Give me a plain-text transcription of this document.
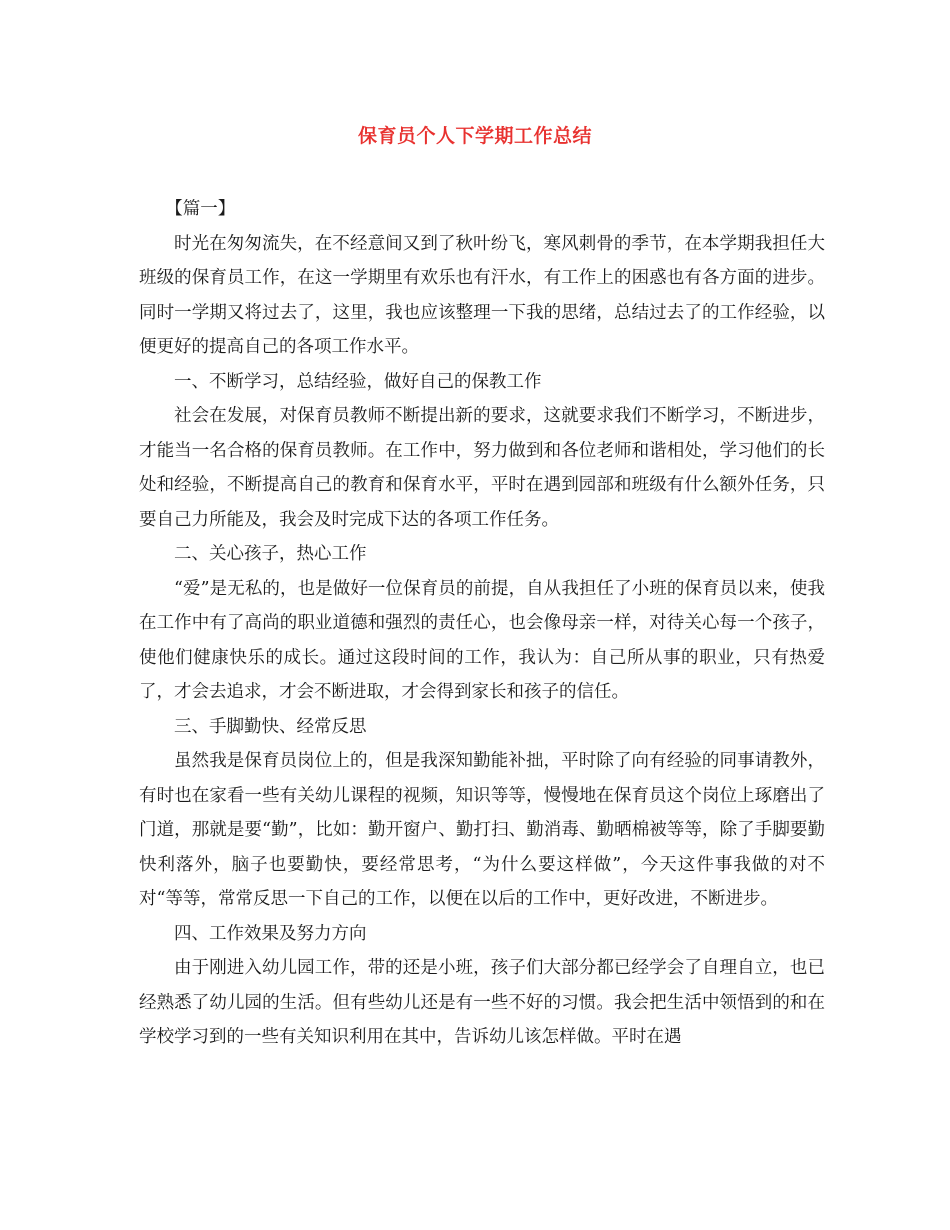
保育员个人下学期工作总结

【篇一】

时光在匆匆流失，在不经意间又到了秋叶纷飞，寒风刺骨的季节，在本学期我担任大班级的保育员工作，在这一学期里有欢乐也有汗水，有工作上的困惑也有各方面的进步。同时一学期又将过去了，这里，我也应该整理一下我的思绪，总结过去了的工作经验，以便更好的提高自己的各项工作水平。

一、不断学习，总结经验，做好自己的保教工作

社会在发展，对保育员教师不断提出新的要求，这就要求我们不断学习，不断进步，才能当一名合格的保育员教师。在工作中，努力做到和各位老师和谐相处，学习他们的长处和经验，不断提高自己的教育和保育水平，平时在遇到园部和班级有什么额外任务，只要自己力所能及，我会及时完成下达的各项工作任务。

二、关心孩子，热心工作

“爱”是无私的，也是做好一位保育员的前提，自从我担任了小班的保育员以来，使我在工作中有了高尚的职业道德和强烈的责任心，也会像母亲一样，对待关心每一个孩子，使他们健康快乐的成长。通过这段时间的工作，我认为：自己所从事的职业，只有热爱了，才会去追求，才会不断进取，才会得到家长和孩子的信任。

三、手脚勤快、经常反思

虽然我是保育员岗位上的，但是我深知勤能补拙，平时除了向有经验的同事请教外，有时也在家看一些有关幼儿课程的视频，知识等等，慢慢地在保育员这个岗位上琢磨出了门道，那就是要“勤”，比如：勤开窗户、勤打扫、勤消毒、勤晒棉被等等，除了手脚要勤快利落外，脑子也要勤快，要经常思考，“为什么要这样做”，今天这件事我做的对不对“等等，常常反思一下自己的工作，以便在以后的工作中，更好改进，不断进步。

四、工作效果及努力方向

由于刚进入幼儿园工作，带的还是小班，孩子们大部分都已经学会了自理自立，也已经熟悉了幼儿园的生活。但有些幼儿还是有一些不好的习惯。我会把生活中领悟到的和在学校学习到的一些有关知识利用在其中，告诉幼儿该怎样做。平时在遇
